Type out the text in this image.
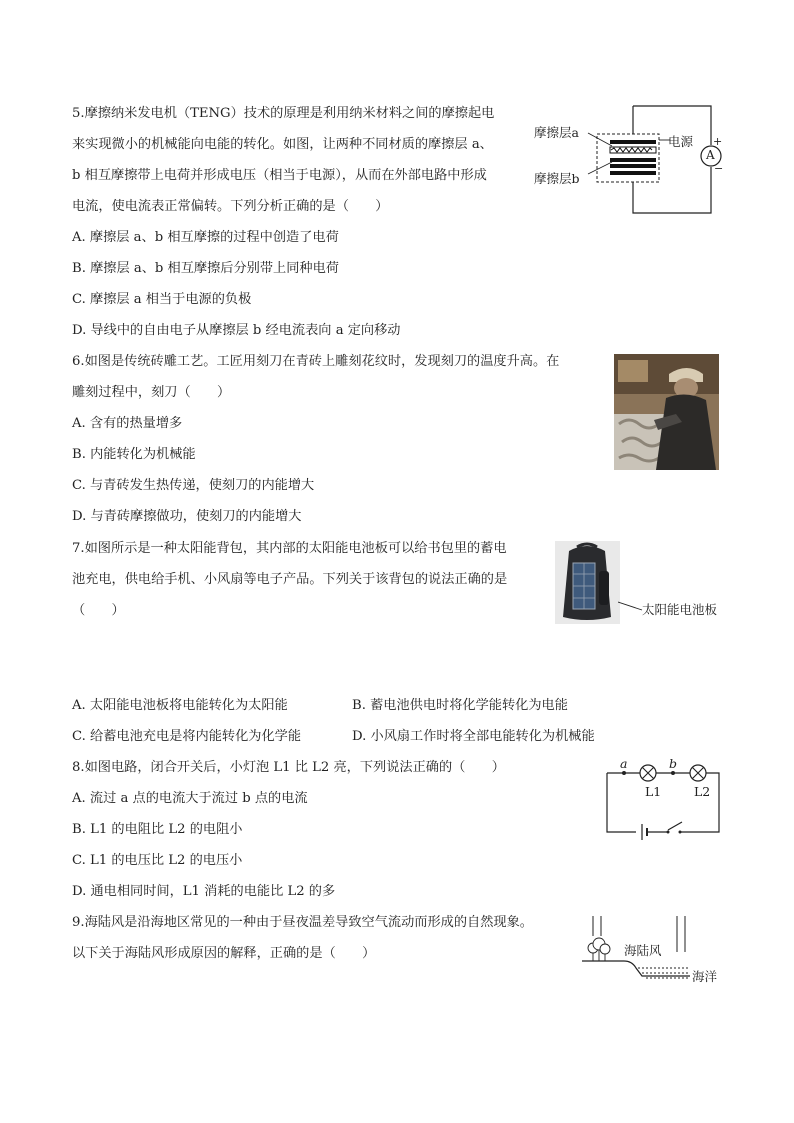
5.摩擦纳米发电机（TENG）技术的原理是利用纳米材料之间的摩擦起电
来实现微小的机械能向电能的转化。如图，让两种不同材质的摩擦层 a、
b 相互摩擦带上电荷并形成电压（相当于电源），从而在外部电路中形成
电流，使电流表正常偏转。下列分析正确的是（　　）
A. 摩擦层 a、b 相互摩擦的过程中创造了电荷
B. 摩擦层 a、b 相互摩擦后分别带上同种电荷
C. 摩擦层 a 相当于电源的负极
D. 导线中的自由电子从摩擦层 b 经电流表向 a 定向移动
摩擦层a
摩擦层b
电源
A
+
−
6.如图是传统砖雕工艺。工匠用刻刀在青砖上雕刻花纹时，发现刻刀的温度升高。在
雕刻过程中，刻刀（　　）
A. 含有的热量增多
B. 内能转化为机械能
C. 与青砖发生热传递，使刻刀的内能增大
D. 与青砖摩擦做功，使刻刀的内能增大
7.如图所示是一种太阳能背包，其内部的太阳能电池板可以给书包里的蓄电
池充电，供电给手机、小风扇等电子产品。下列关于该背包的说法正确的是
（　　）	太阳能电池板
A. 太阳能电池板将电能转化为太阳能	B. 蓄电池供电时将化学能转化为电能
C. 给蓄电池充电是将内能转化为化学能	D. 小风扇工作时将全部电能转化为机械能
8.如图电路，闭合开关后，小灯泡 L1 比 L2 亮，下列说法正确的（　　）
A. 流过 a 点的电流大于流过 b 点的电流
B. L1 的电阻比 L2 的电阻小
C. L1 的电压比 L2 的电压小
D. 通电相同时间，L1 消耗的电能比 L2 的多
a	b
L1	L2
9.海陆风是沿海地区常见的一种由于昼夜温差导致空气流动而形成的自然现象。
以下关于海陆风形成原因的解释，正确的是（　　）	海陆风
海洋
